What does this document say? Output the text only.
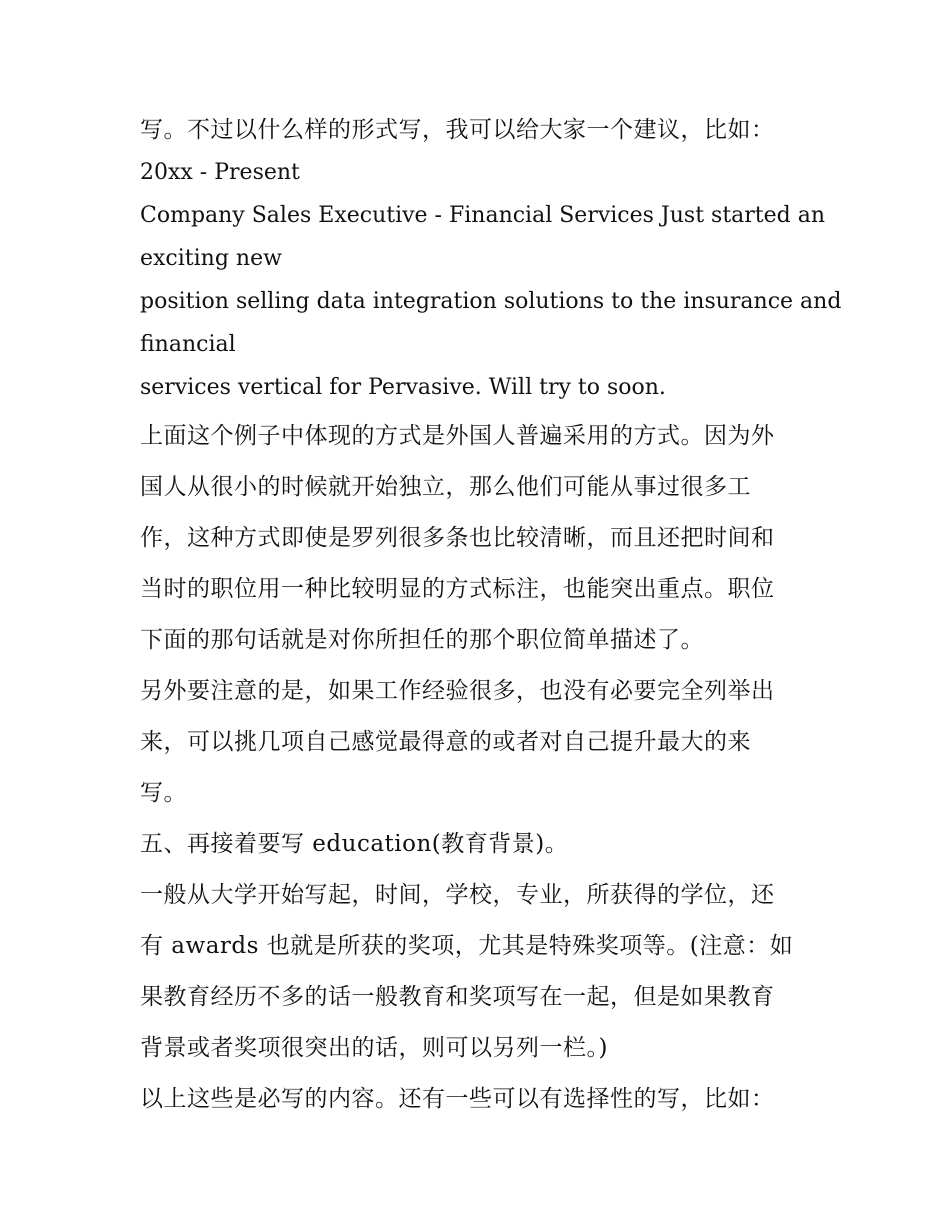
写。不过以什么样的形式写，我可以给大家一个建议，比如：
20xx - Present
Company Sales Executive - Financial Services Just started an
exciting new
position selling data integration solutions to the insurance and
financial
services vertical for Pervasive. Will try to soon.
上面这个例子中体现的方式是外国人普遍采用的方式。因为外
国人从很小的时候就开始独立，那么他们可能从事过很多工
作，这种方式即使是罗列很多条也比较清晰，而且还把时间和
当时的职位用一种比较明显的方式标注，也能突出重点。职位
下面的那句话就是对你所担任的那个职位简单描述了。
另外要注意的是，如果工作经验很多，也没有必要完全列举出
来，可以挑几项自己感觉最得意的或者对自己提升最大的来
写。
五、再接着要写 education(教育背景)。
一般从大学开始写起，时间，学校，专业，所获得的学位，还
有 awards 也就是所获的奖项，尤其是特殊奖项等。(注意：如
果教育经历不多的话一般教育和奖项写在一起，但是如果教育
背景或者奖项很突出的话，则可以另列一栏。)
以上这些是必写的内容。还有一些可以有选择性的写，比如：
